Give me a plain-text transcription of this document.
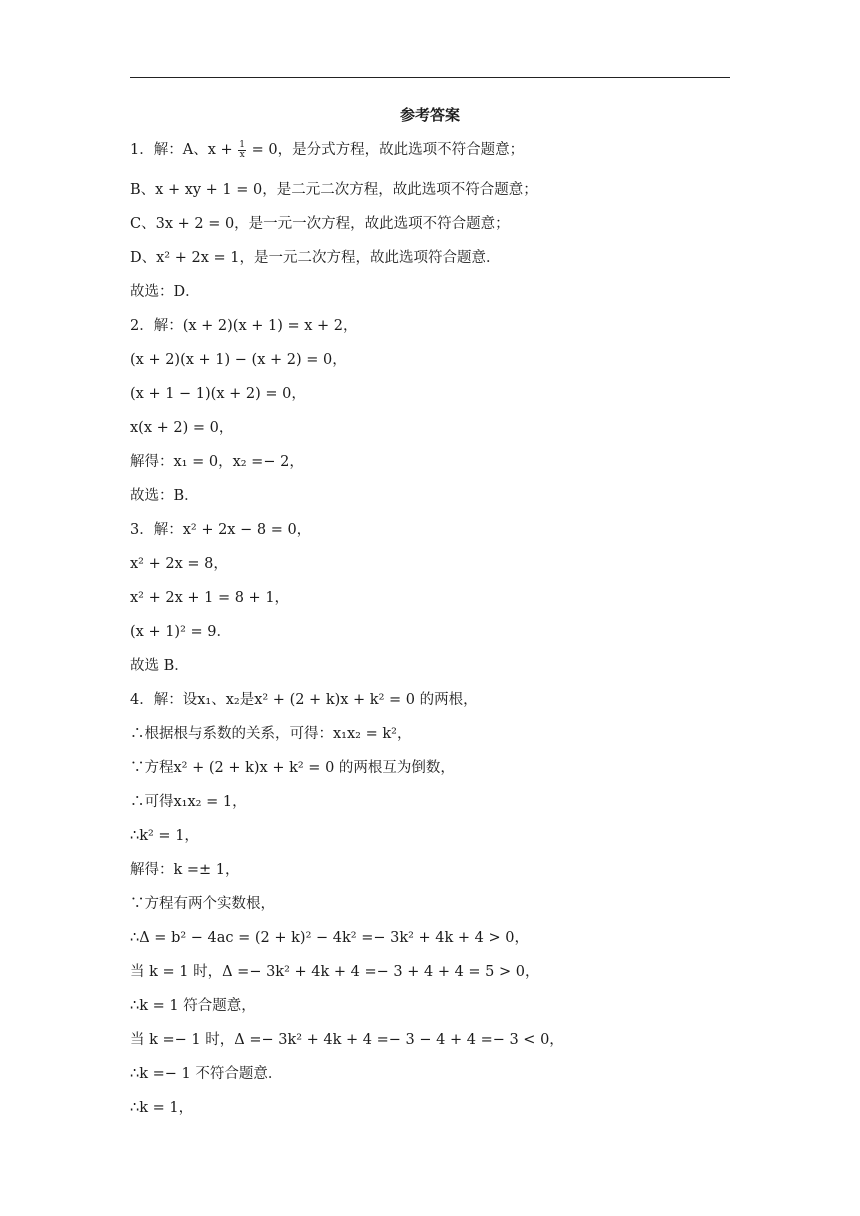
参考答案
1．解：A、$x + \frac{1}{x} = 0$，是分式方程，故此选项不符合题意；
B、x + xy + 1 = 0，是二元二次方程，故此选项不符合题意；
C、3x + 2 = 0，是一元一次方程，故此选项不符合题意；
D、x² + 2x = 1，是一元二次方程，故此选项符合题意．
故选：D．
2．解：(x + 2)(x + 1) = x + 2，
(x + 2)(x + 1) − (x + 2) = 0，
(x + 1 − 1)(x + 2) = 0，
x(x + 2) = 0，
解得：x₁ = 0，x₂ =− 2，
故选：B．
3．解：x² + 2x − 8 = 0，
x² + 2x = 8，
x² + 2x + 1 = 8 + 1，
(x + 1)² = 9．
故选 B．
4．解：设x₁、x₂是x² + (2 + k)x + k² = 0 的两根，
∴根据根与系数的关系，可得：x₁x₂ = k²，
∵方程x² + (2 + k)x + k² = 0 的两根互为倒数，
∴可得x₁x₂ = 1，
∴k² = 1，
解得：k =± 1，
∵方程有两个实数根，
∴Δ = b² − 4ac = (2 + k)² − 4k² =− 3k² + 4k + 4 > 0，
当 k = 1 时，Δ =− 3k² + 4k + 4 =− 3 + 4 + 4 = 5 > 0，
∴k = 1 符合题意，
当 k =− 1 时，Δ =− 3k² + 4k + 4 =− 3 − 4 + 4 =− 3 < 0，
∴k =− 1 不符合题意．
∴k = 1，
